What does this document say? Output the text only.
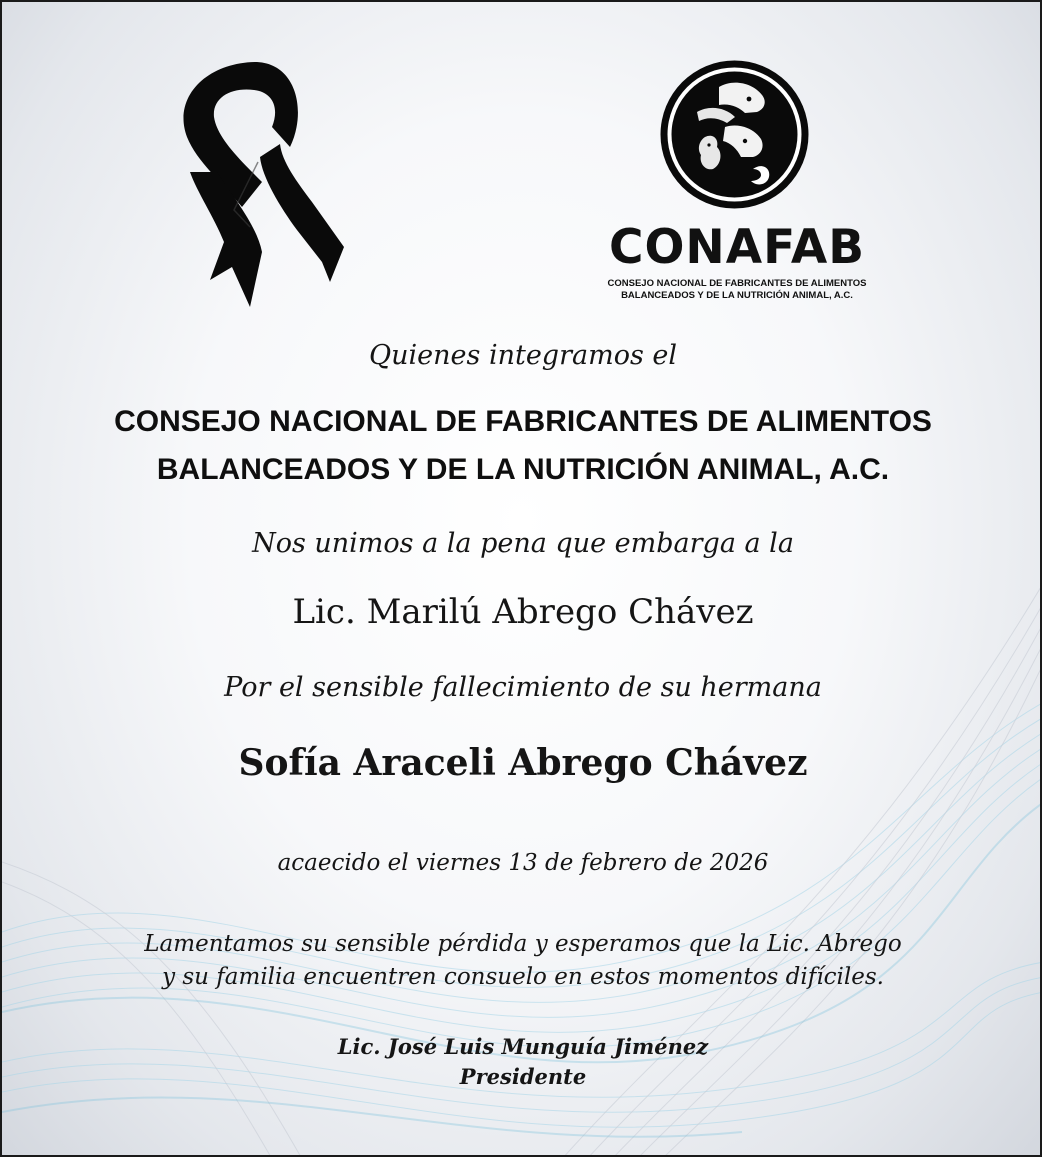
CONAFAB
CONSEJO NACIONAL DE FABRICANTES DE ALIMENTOS
BALANCEADOS Y DE LA NUTRICIÓN ANIMAL, A.C.
Quienes integramos el
CONSEJO NACIONAL DE FABRICANTES DE ALIMENTOS
BALANCEADOS Y DE LA NUTRICIÓN ANIMAL, A.C.
Nos unimos a la pena que embarga a la
Lic. Marilú Abrego Chávez
Por el sensible fallecimiento de su hermana
Sofía Araceli Abrego Chávez
acaecido el viernes 13 de febrero de 2026
Lamentamos su sensible pérdida y esperamos que la Lic. Abrego
y su familia encuentren consuelo en estos momentos difíciles.
Lic. José Luis Munguía Jiménez
Presidente
